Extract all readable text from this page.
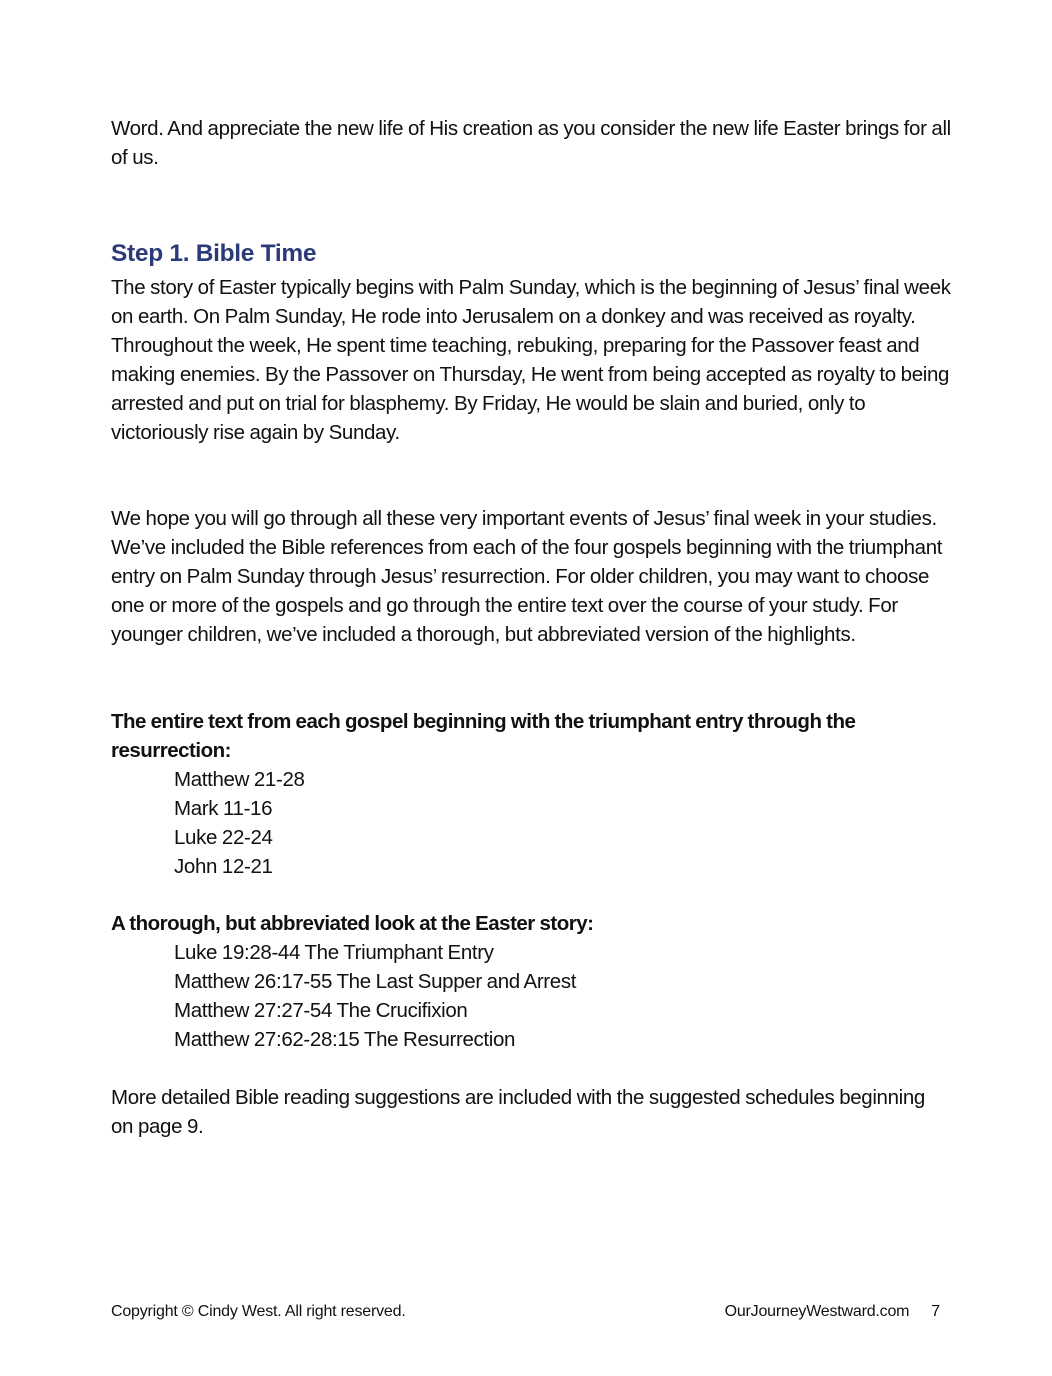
Word. And appreciate the new life of His creation as you consider the new life Easter brings for all of us.

Step 1. Bible Time

The story of Easter typically begins with Palm Sunday, which is the beginning of Jesus’ final week on earth. On Palm Sunday, He rode into Jerusalem on a donkey and was received as royalty. Throughout the week, He spent time teaching, rebuking, preparing for the Passover feast and making enemies. By the Passover on Thursday, He went from being accepted as royalty to being arrested and put on trial for blasphemy. By Friday, He would be slain and buried, only to victoriously rise again by Sunday.

We hope you will go through all these very important events of Jesus’ final week in your studies. We’ve included the Bible references from each of the four gospels beginning with the triumphant entry on Palm Sunday through Jesus’ resurrection. For older children, you may want to choose one or more of the gospels and go through the entire text over the course of your study. For younger children, we’ve included a thorough, but abbreviated version of the highlights.

The entire text from each gospel beginning with the triumphant entry through the resurrection:
Matthew 21-28
Mark 11-16
Luke 22-24
John 12-21
A thorough, but abbreviated look at the Easter story:
Luke 19:28-44 The Triumphant Entry
Matthew 26:17-55 The Last Supper and Arrest
Matthew 27:27-54 The Crucifixion
Matthew 27:62-28:15 The Resurrection

More detailed Bible reading suggestions are included with the suggested schedules beginning on page 9.

Copyright © Cindy West. All right reserved.	OurJourneyWestward.com 7
